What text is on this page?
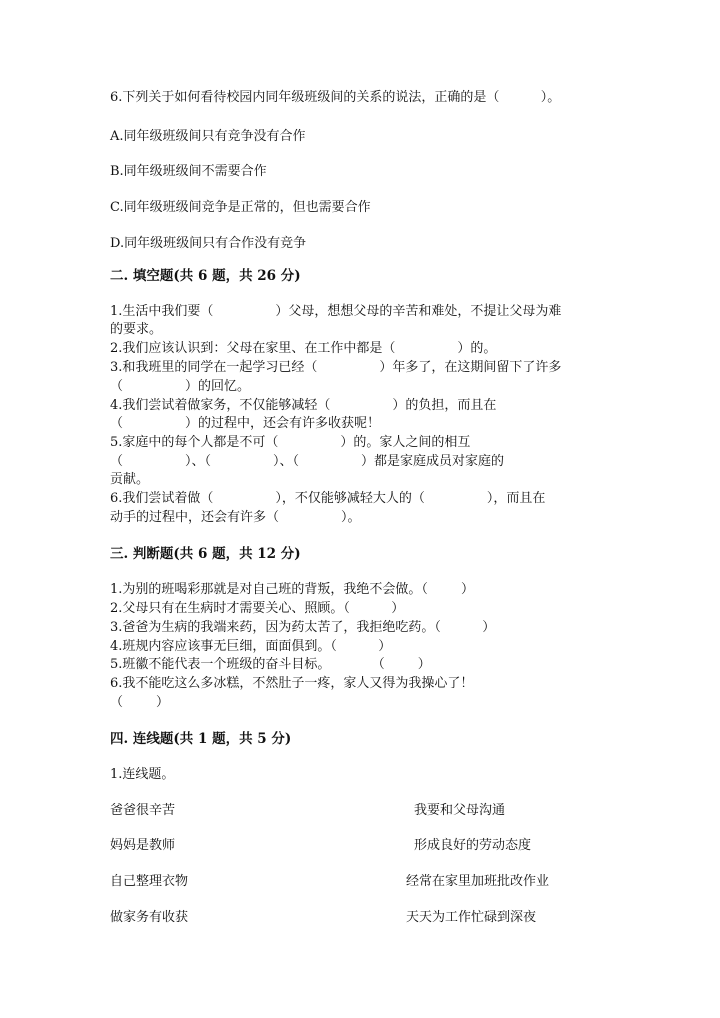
6.下列关于如何看待校园内同年级班级间的关系的说法，正确的是（          ）。
A.同年级班级间只有竞争没有合作
B.同年级班级间不需要合作
C.同年级班级间竞争是正常的，但也需要合作
D.同年级班级间只有合作没有竞争
二. 填空题(共 6 题，共 26 分)
1.生活中我们要（               ）父母，想想父母的辛苦和难处，不提让父母为难
的要求。
2.我们应该认识到：父母在家里、在工作中都是（               ）的。
3.和我班里的同学在一起学习已经（               ）年多了，在这期间留下了许多
（               ）的回忆。
4.我们尝试着做家务，不仅能够减轻（               ）的负担，而且在
（               ）的过程中，还会有许多收获呢！
5.家庭中的每个人都是不可（               ）的。家人之间的相互
（               ）、（               ）、（               ）都是家庭成员对家庭的
贡献。
6.我们尝试着做（               ），不仅能够减轻大人的（               ），而且在
动手的过程中，还会有许多（               ）。
三. 判断题(共 6 题，共 12 分)
1.为别的班喝彩那就是对自己班的背叛，我绝不会做。（        ）
2.父母只有在生病时才需要关心、照顾。（          ）
3.爸爸为生病的我端来药，因为药太苦了，我拒绝吃药。（          ）
4.班规内容应该事无巨细，面面俱到。（          ）
5.班徽不能代表一个班级的奋斗目标。          （        ）
6.我不能吃这么多冰糕，不然肚子一疼，家人又得为我操心了！
（        ）
四. 连线题(共 1 题，共 5 分)
1.连线题。
爸爸很辛苦
妈妈是教师
自己整理衣物
做家务有收获
我要和父母沟通
形成良好的劳动态度
经常在家里加班批改作业
天天为工作忙碌到深夜
